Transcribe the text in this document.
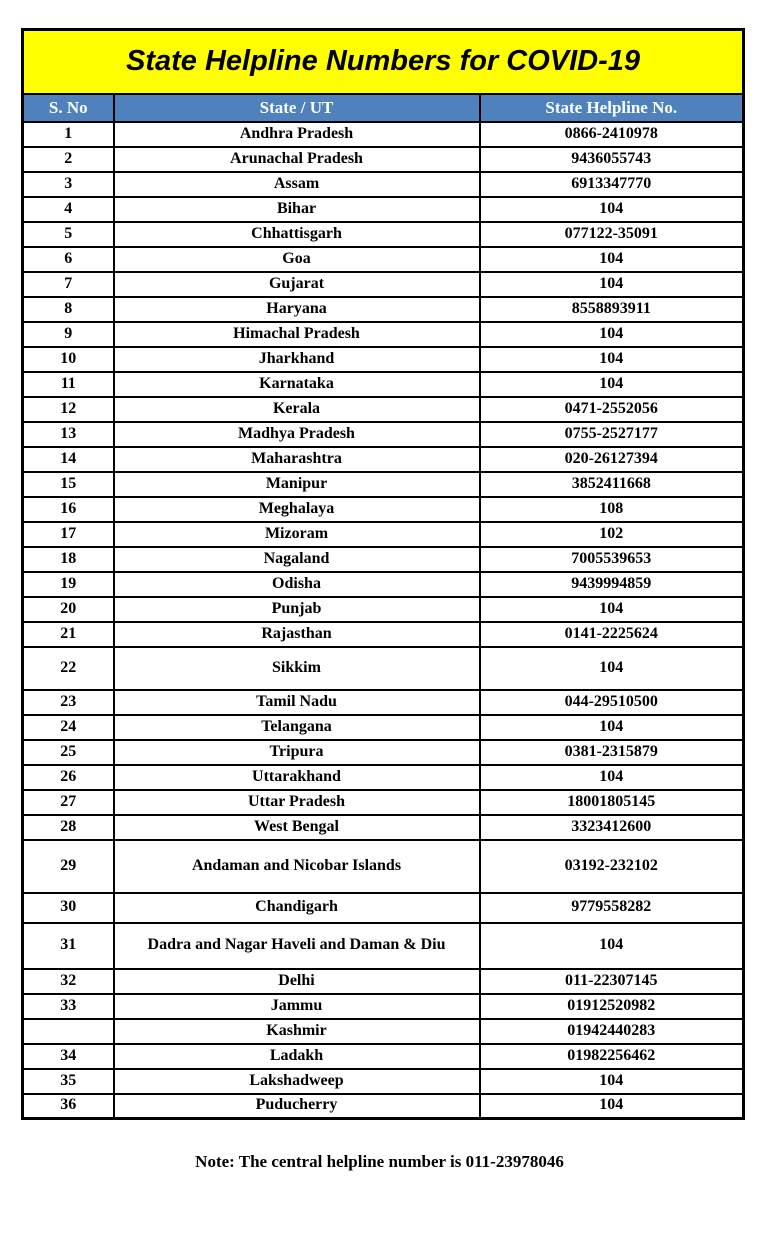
State Helpline Numbers for COVID-19		
S. No	State / UT	State Helpline No.
1	Andhra Pradesh	0866-2410978
2	Arunachal Pradesh	9436055743
3	Assam	6913347770
4	Bihar	104
5	Chhattisgarh	077122-35091
6	Goa	104
7	Gujarat	104
8	Haryana	8558893911
9	Himachal Pradesh	104
10	Jharkhand	104
11	Karnataka	104
12	Kerala	0471-2552056
13	Madhya Pradesh	0755-2527177
14	Maharashtra	020-26127394
15	Manipur	3852411668
16	Meghalaya	108
17	Mizoram	102
18	Nagaland	7005539653
19	Odisha	9439994859
20	Punjab	104
21	Rajasthan	0141-2225624
22	Sikkim	104
23	Tamil Nadu	044-29510500
24	Telangana	104
25	Tripura	0381-2315879
26	Uttarakhand	104
27	Uttar Pradesh	18001805145
28	West Bengal	3323412600
29	Andaman and Nicobar Islands	03192-232102
30	Chandigarh	9779558282
31	Dadra and Nagar Haveli and Daman & Diu	104
32	Delhi	011-22307145
33	Jammu	01912520982
	Kashmir	01942440283
34	Ladakh	01982256462
35	Lakshadweep	104
36	Puducherry	104
Note: The central helpline number is 011-23978046
